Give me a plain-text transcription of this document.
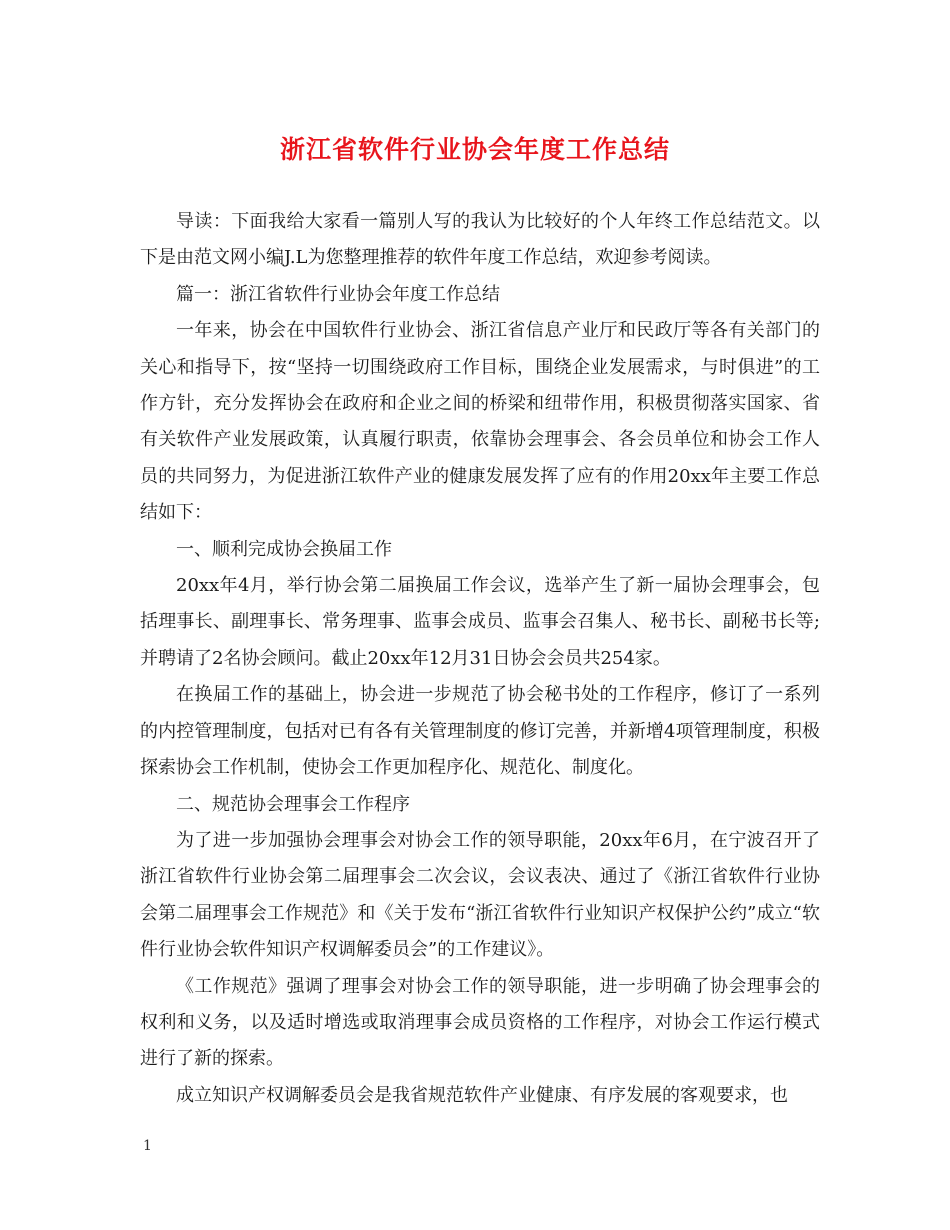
浙江省软件行业协会年度工作总结

导读：下面我给大家看一篇别人写的我认为比较好的个人年终工作总结范文。以下是由范文网小编J.L为您整理推荐的软件年度工作总结，欢迎参考阅读。

篇一：浙江省软件行业协会年度工作总结

一年来，协会在中国软件行业协会、浙江省信息产业厅和民政厅等各有关部门的关心和指导下，按“坚持一切围绕政府工作目标，围绕企业发展需求，与时俱进”的工作方针，充分发挥协会在政府和企业之间的桥梁和纽带作用，积极贯彻落实国家、省有关软件产业发展政策，认真履行职责，依靠协会理事会、各会员单位和协会工作人员的共同努力，为促进浙江软件产业的健康发展发挥了应有的作用20xx年主要工作总结如下：

一、顺利完成协会换届工作

20xx年4月，举行协会第二届换届工作会议，选举产生了新一届协会理事会，包括理事长、副理事长、常务理事、监事会成员、监事会召集人、秘书长、副秘书长等;并聘请了2名协会顾问。截止20xx年12月31日协会会员共254家。

在换届工作的基础上，协会进一步规范了协会秘书处的工作程序，修订了一系列的内控管理制度，包括对已有各有关管理制度的修订完善，并新增4项管理制度，积极探索协会工作机制，使协会工作更加程序化、规范化、制度化。

二、规范协会理事会工作程序

为了进一步加强协会理事会对协会工作的领导职能，20xx年6月，在宁波召开了浙江省软件行业协会第二届理事会二次会议，会议表决、通过了《浙江省软件行业协会第二届理事会工作规范》和《关于发布“浙江省软件行业知识产权保护公约”成立“软件行业协会软件知识产权调解委员会”的工作建议》。

《工作规范》强调了理事会对协会工作的领导职能，进一步明确了协会理事会的权利和义务，以及适时增选或取消理事会成员资格的工作程序，对协会工作运行模式进行了新的探索。

成立知识产权调解委员会是我省规范软件产业健康、有序发展的客观要求，也

1
